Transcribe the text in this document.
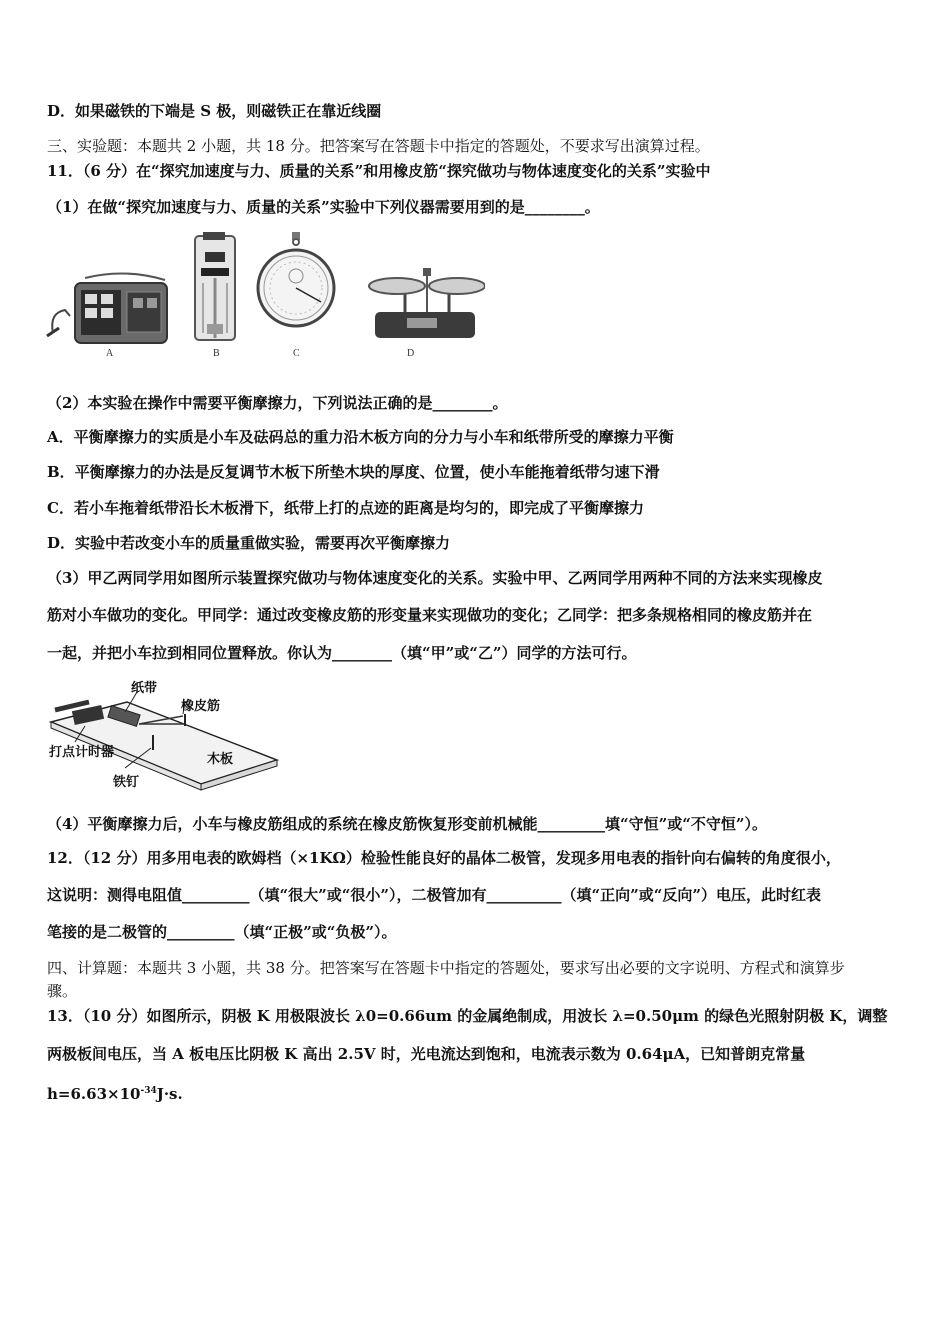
D．如果磁铁的下端是 S 极，则磁铁正在靠近线圈
三、实验题：本题共 2 小题，共 18 分。把答案写在答题卡中指定的答题处，不要求写出演算过程。
11．（6 分）在“探究加速度与力、质量的关系”和用橡皮筋“探究做功与物体速度变化的关系”实验中
（1）在做“探究加速度与力、质量的关系”实验中下列仪器需要用到的是________。
A	B	C	D
（2）本实验在操作中需要平衡摩擦力，下列说法正确的是________。
A．平衡摩擦力的实质是小车及砝码总的重力沿木板方向的分力与小车和纸带所受的摩擦力平衡
B．平衡摩擦力的办法是反复调节木板下所垫木块的厚度、位置，使小车能拖着纸带匀速下滑
C．若小车拖着纸带沿长木板滑下，纸带上打的点迹的距离是均匀的，即完成了平衡摩擦力
D．实验中若改变小车的质量重做实验，需要再次平衡摩擦力
（3）甲乙两同学用如图所示装置探究做功与物体速度变化的关系。实验中甲、乙两同学用两种不同的方法来实现橡皮
筋对小车做功的变化。甲同学：通过改变橡皮筋的形变量来实现做功的变化；乙同学：把多条规格相同的橡皮筋并在
一起，并把小车拉到相同位置释放。你认为________（填“甲”或“乙”）同学的方法可行。
纸带
橡皮筋
打点计时器	木板
铁钉
（4）平衡摩擦力后，小车与橡皮筋组成的系统在橡皮筋恢复形变前机械能_________填“守恒”或“不守恒”）。
12．（12 分）用多用电表的欧姆档（×1KΩ）检验性能良好的晶体二极管，发现多用电表的指针向右偏转的角度很小，
这说明：测得电阻值_________（填“很大”或“很小”），二极管加有__________（填“正向”或“反向”）电压，此时红表
笔接的是二极管的_________（填“正极”或“负极”）。
四、计算题：本题共 3 小题，共 38 分。把答案写在答题卡中指定的答题处，要求写出必要的文字说明、方程式和演算步
骤。
13．（10 分）如图所示，阴极 K 用极限波长 λ0=0.66um 的金属绝制成，用波长 λ=0.50μm 的绿色光照射阴极 K，调整
两极板间电压，当 A 板电压比阴极 K 高出 2.5V 时，光电流达到饱和，电流表示数为 0.64μA，已知普朗克常量
$h=6.63\times 10^{-34}J\cdot s$.
